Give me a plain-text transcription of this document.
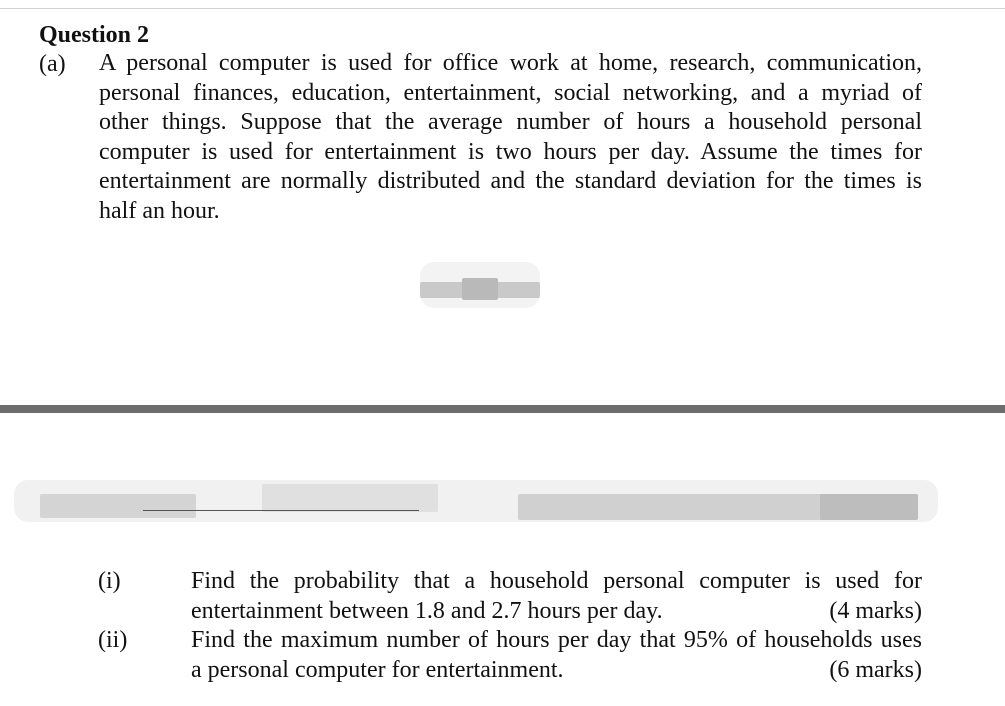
Question 2
(a) A personal computer is used for office work at home, research, communication,
personal finances, education, entertainment, social networking, and a myriad of
other things. Suppose that the average number of hours a household personal
computer is used for entertainment is two hours per day. Assume the times for
entertainment are normally distributed and the standard deviation for the times is
half an hour.
(i)	Find the probability that a household personal computer is used for
entertainment between 1.8 and 2.7 hours per day.	(4 marks)
(ii)	Find the maximum number of hours per day that 95% of households uses
a personal computer for entertainment.	(6 marks)
